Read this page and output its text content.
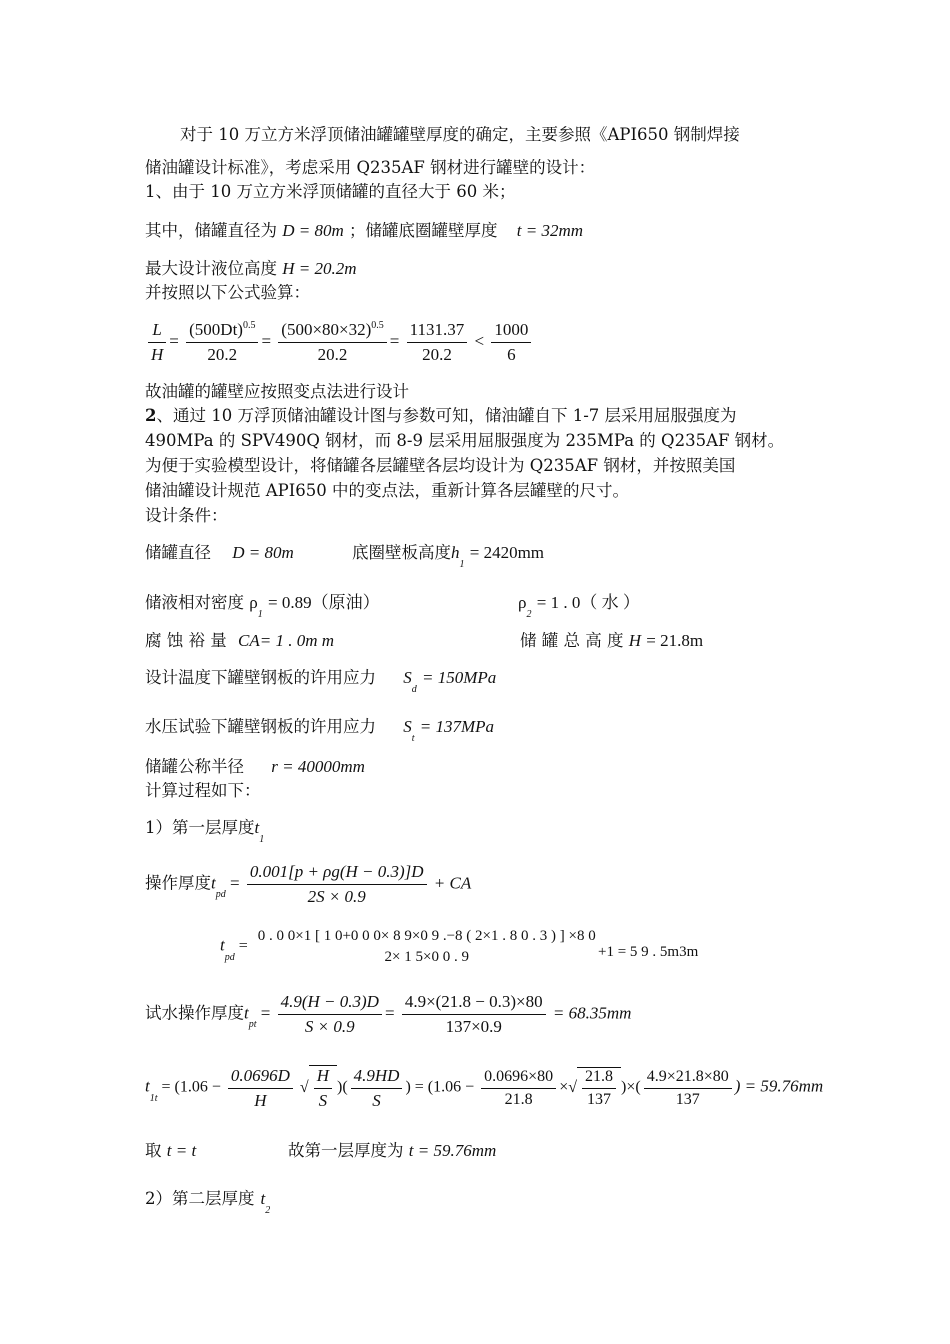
对于 10 万立方米浮顶储油罐罐壁厚度的确定，主要参照《API650 钢制焊接
储油罐设计标准》，考虑采用 Q235AF 钢材进行罐壁的设计：
1、由于 10 万立方米浮顶储罐的直径大于 60 米；
其中，储罐直径为 D = 80m ；储罐底圈罐壁厚度 t = 32mm
最大设计液位高度 H = 20.2m
并按照以下公式验算：
$\frac{L}{H} = \frac{(500Dt)^{0.5}}{20.2} = \frac{(500\times 80\times 32)^{0.5}}{20.2} = \frac{1131.37}{20.2} < \frac{1000}{6}$
故油罐的罐壁应按照变点法进行设计
2、通过 10 万浮顶储油罐设计图与参数可知，储油罐自下 1-7 层采用屈服强度为
490MPa 的 SPV490Q 钢材，而 8-9 层采用屈服强度为 235MPa 的 Q235AF 钢材。
为便于实验模型设计，将储罐各层罐壁各层均设计为 Q235AF 钢材，并按照美国
储油罐设计规范 API650 中的变点法，重新计算各层罐壁的尺寸。
设计条件：
储罐直径 D = 80m	底圈壁板高度$h_1 = 2420mm$
储液相对密度 $\rho_1 = 0.89$（原油）	$\rho_2 = 1$ . 0（ 水 ）
腐 蚀 裕 量 CA= 1 . 0m m	储 罐 总 高 度 H = 21.8m
设计温度下罐壁钢板的许用应力 $S_d = 150MPa$
水压试验下罐壁钢板的许用应力 $S_t = 137MPa$
储罐公称半径 r = 40000mm
计算过程如下：
1）第一层厚度$t_1$
操作厚度$t_{pd} = \frac{0.001[p + \rho g(H - 0.3)]D}{2S \times 0.9}$ + CA
$t_{pd}$ =
0 . 0 0×1 [ 1 0+0 0 0× 8 9×0 9 .−8 ( 2×1 . 8 0 . 3 ) ] ×8 0
2× 1 5×0 0 . 9	+1 = 5 9 . 5m3m
试水操作厚度$t_{pt} = \frac{4.9(H - 0.3)D}{S \times 0.9} = \frac{4.9\times(21.8 - 0.3)\times 80}{137\times 0.9} = 68.35mm$
$t_{1t} = (1.06 - \frac{0.0696D}{H}$ √ $\frac{H}{S}$ )( $\frac{4.9HD}{S}$ ) = ($1.06 - \frac{0.0696\times 80}{21.8}$ ×√ $\frac{21.8}{137}$ )×( $\frac{4.9\times 21.8\times 80}{137}$ ) = 59.76mm
取 t = t	故第一层厚度为 t = 59.76mm
2）第二层厚度 $t_2$
